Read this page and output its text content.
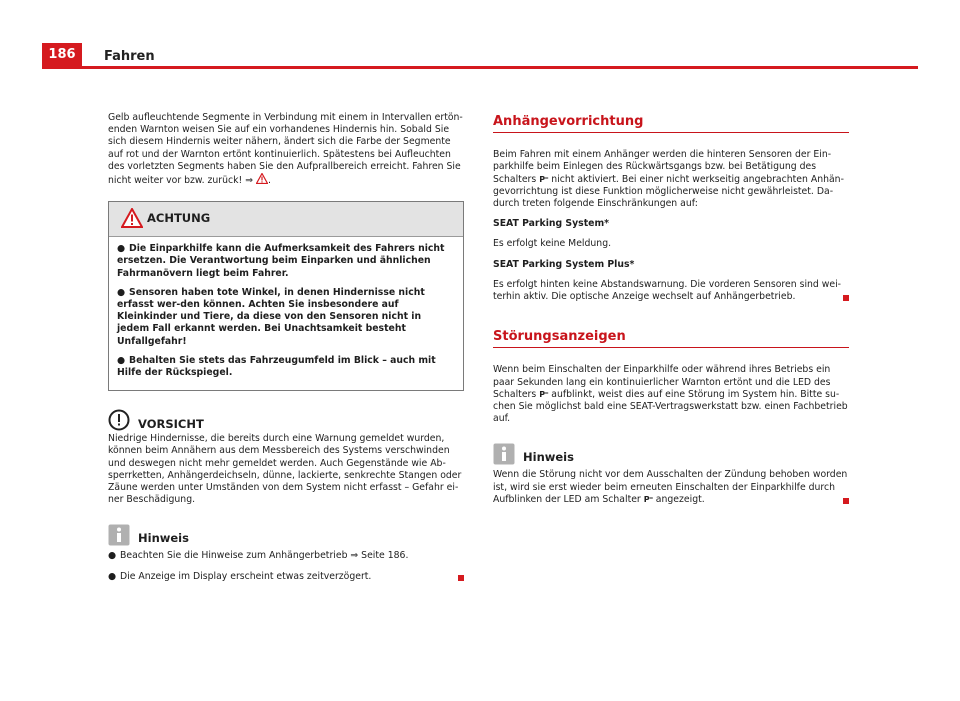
186	Fahren

Gelb aufleuchtende Segmente in Verbindung mit einem in Intervallen ertön-
enden Warnton weisen Sie auf ein vorhandenes Hindernis hin. Sobald Sie
sich diesem Hindernis weiter nähern, ändert sich die Farbe der Segmente
auf rot und der Warnton ertönt kontinuierlich. Spätestens bei Aufleuchten
des vorletzten Segments haben Sie den Aufprallbereich erreicht. Fahren Sie
nicht weiter vor bzw. zurück! ⇒ .

ACHTUNG

● Die Einparkhilfe kann die Aufmerksamkeit des Fahrers nicht ersetzen. Die Verantwortung beim Einparken und ähnlichen Fahrmanövern liegt beim Fahrer.

● Sensoren haben tote Winkel, in denen Hindernisse nicht erfasst wer-den können. Achten Sie insbesondere auf Kleinkinder und Tiere, da diese von den Sensoren nicht in jedem Fall erkannt werden. Bei Unachtsamkeit besteht Unfallgefahr!

● Behalten Sie stets das Fahrzeugumfeld im Blick – auch mit Hilfe der Rückspiegel.

VORSICHT
Niedrige Hindernisse, die bereits durch eine Warnung gemeldet wurden, können beim Annähern aus dem Messbereich des Systems verschwinden und deswegen nicht mehr gemeldet werden. Auch Gegenstände wie Ab-sperrketten, Anhängerdeichseln, dünne, lackierte, senkrechte Stangen oder Zäune werden unter Umständen von dem System nicht erfasst – Gefahr ei-ner Beschädigung.
Hinweis
● Beachten Sie die Hinweise zum Anhängerbetrieb ⇒ Seite 186.
● Die Anzeige im Display erscheint etwas zeitverzögert.
Anhängevorrichtung

Beim Fahren mit einem Anhänger werden die hinteren Sensoren der Ein-parkhilfe beim Einlegen des Rückwärtsgangs bzw. bei Betätigung des Schalters P⁼ nicht aktiviert. Bei einer nicht werkseitig angebrachten Anhän-gevorrichtung ist diese Funktion möglicherweise nicht gewährleistet. Da-durch treten folgende Einschränkungen auf:

SEAT Parking System*

Es erfolgt keine Meldung.

SEAT Parking System Plus*

Es erfolgt hinten keine Abstandswarnung. Die vorderen Sensoren sind wei-terhin aktiv. Die optische Anzeige wechselt auf Anhängerbetrieb.

Störungsanzeigen

Wenn beim Einschalten der Einparkhilfe oder während ihres Betriebs ein paar Sekunden lang ein kontinuierlicher Warnton ertönt und die LED des Schalters P⁼ aufblinkt, weist dies auf eine Störung im System hin. Bitte su-chen Sie möglichst bald eine SEAT-Vertragswerkstatt bzw. einen Fachbetrieb auf.

Hinweis
Wenn die Störung nicht vor dem Ausschalten der Zündung behoben worden ist, wird sie erst wieder beim erneuten Einschalten der Einparkhilfe durch Aufblinken der LED am Schalter P⁼ angezeigt.
